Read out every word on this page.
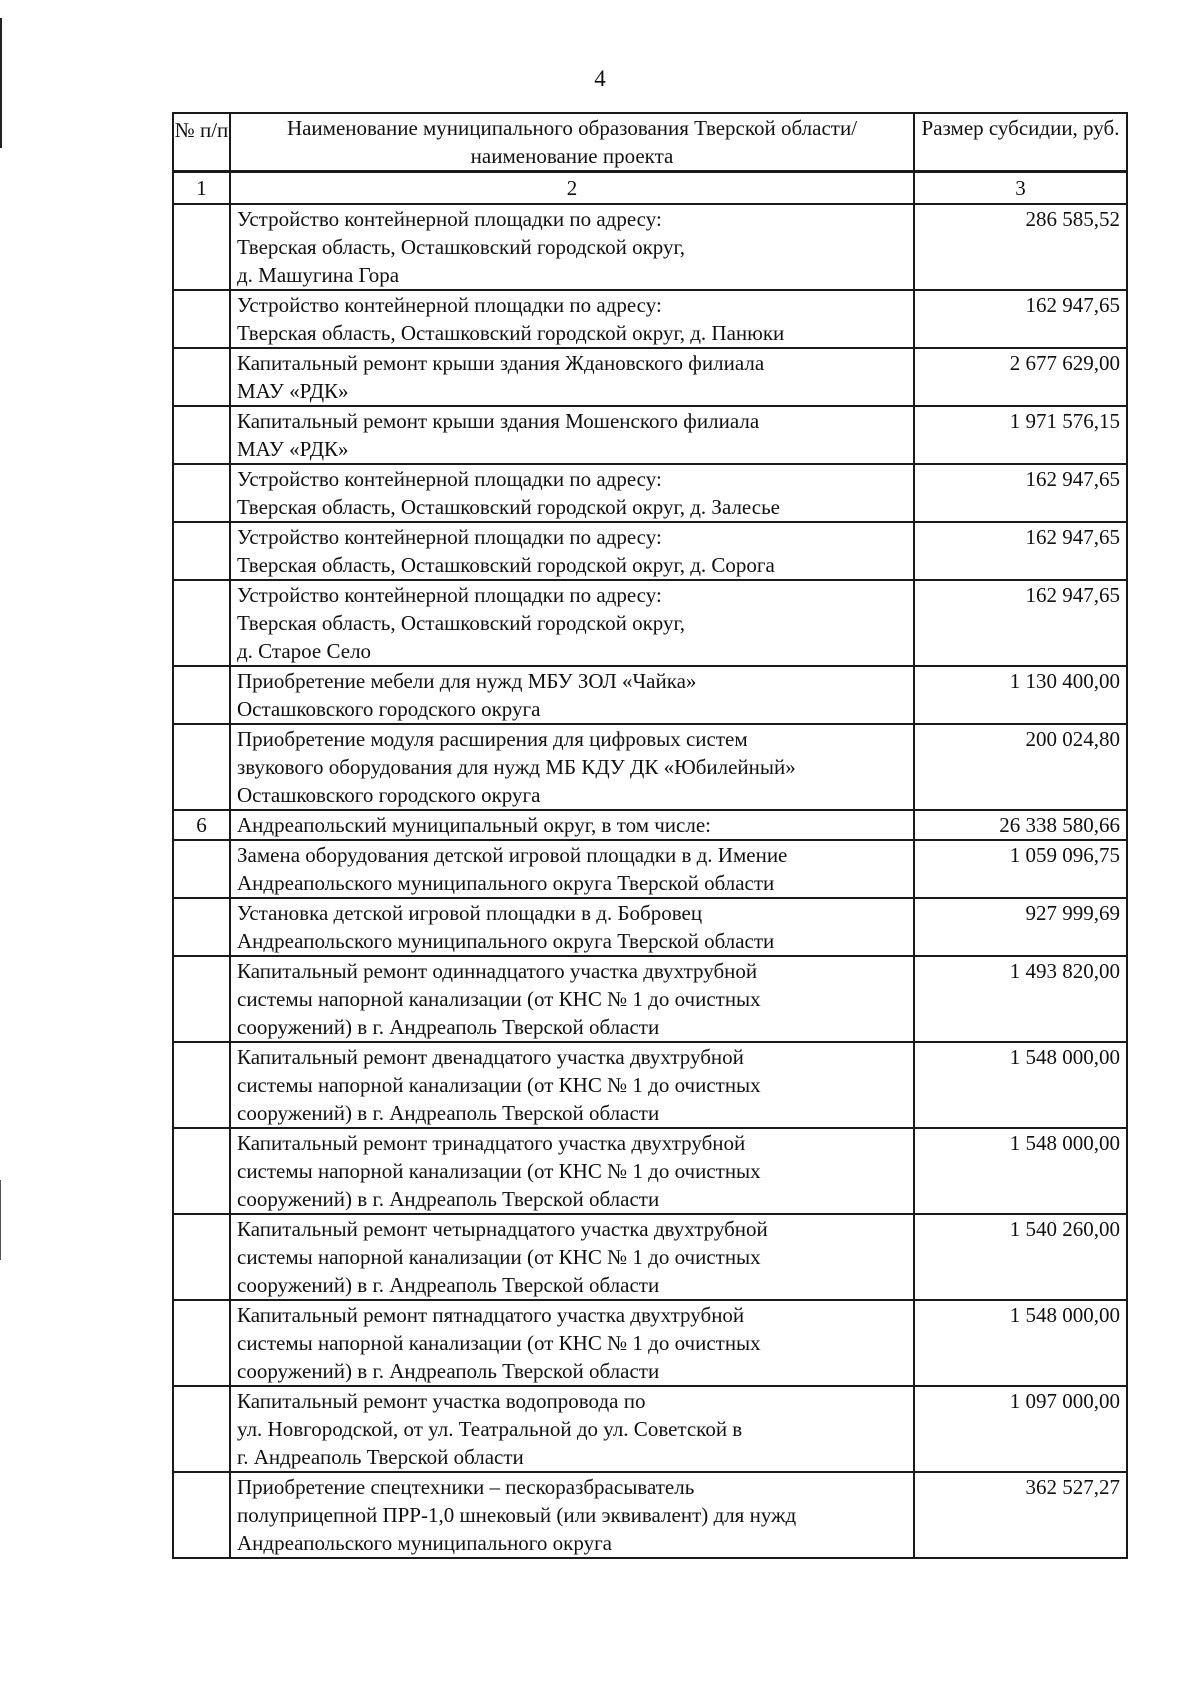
4
№ п/п	Наименование муниципального образования Тверской области/наименование проекта	Размер субсидии, руб.
1	2	3

	Устройство контейнерной площадки по адресу:
Тверская область, Осташковский городской округ,
д. Машугина Гора	286 585,52

	Устройство контейнерной площадки по адресу:
Тверская область, Осташковский городской округ, д. Панюки	162 947,65

	Капитальный ремонт крыши здания Ждановского филиала
МАУ «РДК»	2 677 629,00

	Капитальный ремонт крыши здания Мошенского филиала
МАУ «РДК»	1 971 576,15

	Устройство контейнерной площадки по адресу:
Тверская область, Осташковский городской округ, д. Залесье	162 947,65

	Устройство контейнерной площадки по адресу:
Тверская область, Осташковский городской округ, д. Сорога	162 947,65

	Устройство контейнерной площадки по адресу:
Тверская область, Осташковский городской округ,
д. Старое Село	162 947,65

	Приобретение мебели для нужд МБУ ЗОЛ «Чайка»
Осташковского городского округа	1 130 400,00

	Приобретение модуля расширения для цифровых систем
звукового оборудования для нужд МБ КДУ ДК «Юбилейный»
Осташковского городского округа	200 024,80
6	Андреапольский муниципальный округ, в том числе:	26 338 580,66

	Замена оборудования детской игровой площадки в д. Имение
Андреапольского муниципального округа Тверской области	1 059 096,75

	Установка детской игровой площадки в д. Бобровец
Андреапольского муниципального округа Тверской области	927 999,69

	Капитальный ремонт одиннадцатого участка двухтрубной
системы напорной канализации (от КНС № 1 до очистных
сооружений) в г. Андреаполь Тверской области	1 493 820,00

	Капитальный ремонт двенадцатого участка двухтрубной
системы напорной канализации (от КНС № 1 до очистных
сооружений) в г. Андреаполь Тверской области	1 548 000,00

	Капитальный ремонт тринадцатого участка двухтрубной
системы напорной канализации (от КНС № 1 до очистных
сооружений) в г. Андреаполь Тверской области	1 548 000,00

	Капитальный ремонт четырнадцатого участка двухтрубной
системы напорной канализации (от КНС № 1 до очистных
сооружений) в г. Андреаполь Тверской области	1 540 260,00

	Капитальный ремонт пятнадцатого участка двухтрубной
системы напорной канализации (от КНС № 1 до очистных
сооружений) в г. Андреаполь Тверской области	1 548 000,00

	Капитальный ремонт участка водопровода по
ул. Новгородской, от ул. Театральной до ул. Советской в
г. Андреаполь Тверской области	1 097 000,00

	Приобретение спецтехники – пескоразбрасыватель
полуприцепной ПРР-1,0 шнековый (или эквивалент) для нужд
Андреапольского муниципального округа	362 527,27
